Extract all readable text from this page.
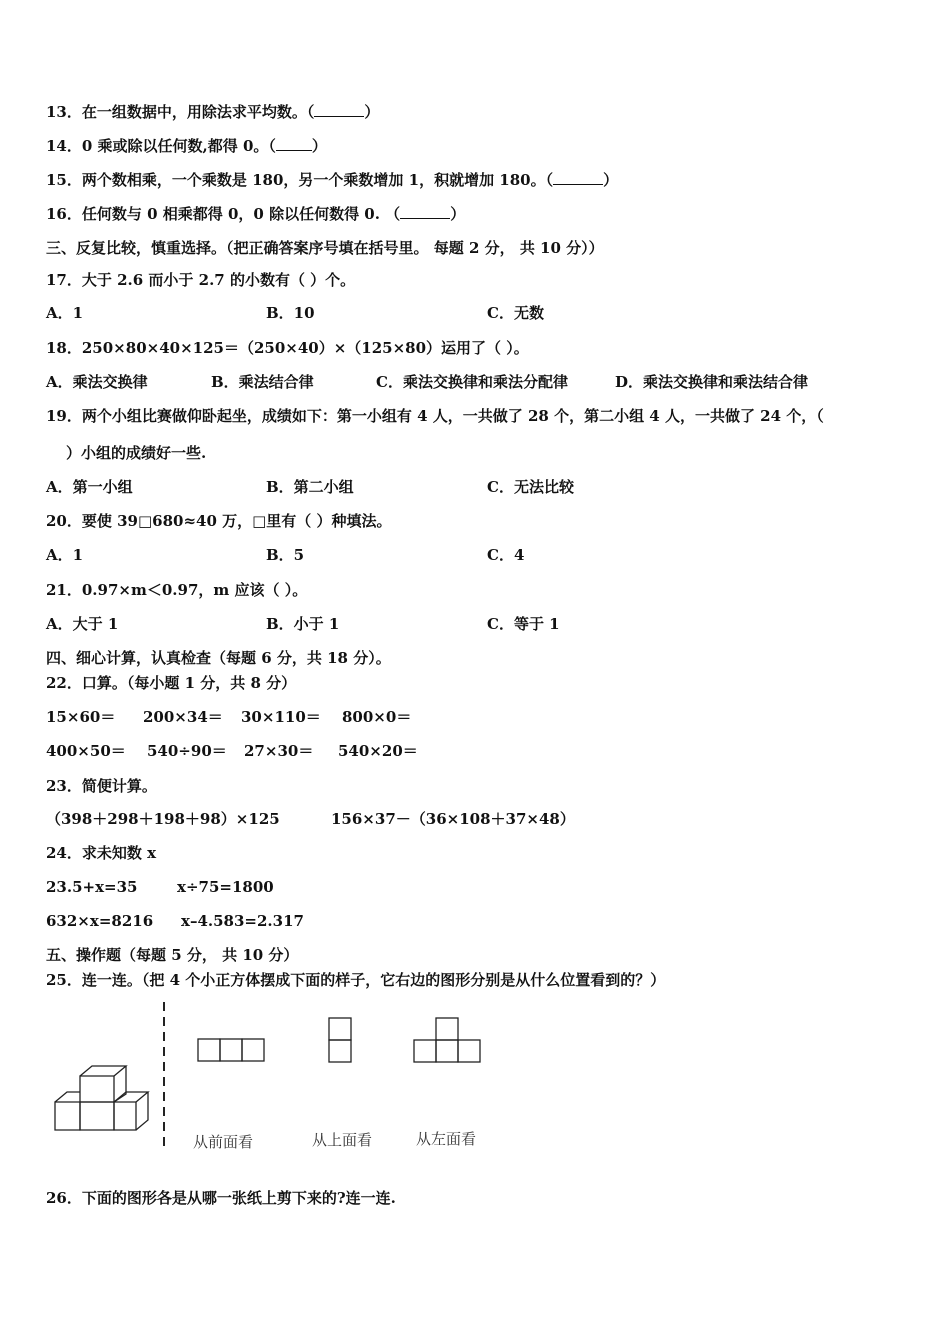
13．在一组数据中，用除法求平均数。（	）
14．0 乘或除以任何数,都得 0。（ ）
15．两个数相乘，一个乘数是 180，另一个乘数增加 1，积就增加 180。（	）
16．任何数与 0 相乘都得 0，0 除以任何数得 0. （	）
三、反复比较，慎重选择。（把正确答案序号填在括号里。 每题 2 分， 共 10 分））
17．大于 2.6 而小于 2.7 的小数有（ ）个。
A．1	B．10	C．无数
18．250×80×40×125＝（250×40）×（125×80）运用了（ ）。
A．乘法交换律	B．乘法结合律	C．乘法交换律和乘法分配律	D．乘法交换律和乘法结合律
19．两个小组比赛做仰卧起坐，成绩如下：第一小组有 4 人，一共做了 28 个，第二小组 4 人，一共做了 24 个，（
）小组的成绩好一些.
A．第一小组	B．第二小组	C．无法比较
20．要使 39□680≈40 万，□里有（ ）种填法。
A．1	B．5	C．4
21．0.97×m＜0.97，m 应该（ ）。
A．大于 1	B．小于 1	C．等于 1
四、细心计算，认真检查（每题 6 分，共 18 分）。
22．口算。（每小题 1 分，共 8 分）
15×60＝ 200×34＝ 30×110＝ 800×0＝
400×50＝ 540÷90＝ 27×30＝ 540×20＝
23．简便计算。
（398＋298＋198＋98）×125	156×37－（36×108＋37×48）
24．求未知数 x
23.5+x=35	x÷75=1800
632×x=8216 x–4.583=2.317
五、操作题（每题 5 分， 共 10 分）
25．连一连。（把 4 个小正方体摆成下面的样子，它右边的图形分别是从什么位置看到的？）
从前面看	从上面看	从左面看
26．下面的图形各是从哪一张纸上剪下来的?连一连.
